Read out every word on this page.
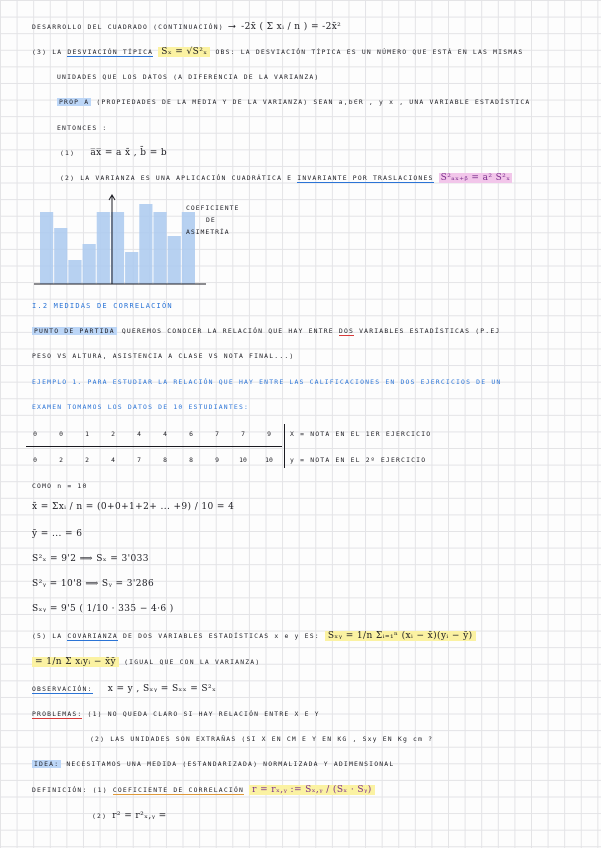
DESARROLLO DEL CUADRADO (CONTINUACIÓN) ⟶ -2x̄ ( Σ xᵢ / n ) = -2x̄²
(3) LA DESVIACIÓN TÍPICA Sₓ = √S²ₓ OBS: LA DESVIACIÓN TÍPICA ES UN NÚMERO QUE ESTÁ EN LAS MISMAS
UNIDADES QUE LOS DATOS (A DIFERENCIA DE LA VARIANZA)
PROP A (PROPIEDADES DE LA MEDIA Y DE LA VARIANZA) SEAN a,b∈R , y x , UNA VARIABLE ESTADÍSTICA
ENTONCES :
(1) a̅x̅ = a x̄ , b̄ = b
(2) LA VARIANZA ES UNA APLICACIÓN CUADRÁTICA E INVARIANTE POR TRASLACIONES S²ₐₓ₊ᵦ = a² S²ₓ
COEFICIENTE
DE
ASIMETRÍA
I.2 MEDIDAS DE CORRELACIÓN
PUNTO DE PARTIDA QUEREMOS CONOCER LA RELACIÓN QUE HAY ENTRE DOS VARIABLES ESTADÍSTICAS (P.EJ
PESO VS ALTURA, ASISTENCIA A CLASE VS NOTA FINAL...)
EJEMPLO 1. PARA ESTUDIAR LA RELACIÓN QUE HAY ENTRE LAS CALIFICACIONES EN DOS EJERCICIOS DE UN
EXAMEN TOMAMOS LOS DATOS DE 10 ESTUDIANTES:
0	0	1	2	4	4	6	7	7	9
0	2	2	4	7	8	8	9	10	10
X = NOTA EN EL 1ER EJERCICIO
y = NOTA EN EL 2º EJERCICIO
COMO n = 10
x̄ = Σxᵢ / n = (0+0+1+2+ ... +9) / 10 = 4
ȳ = ... = 6
S²ₓ = 9'2 ⟹ Sₓ = 3'033
S²ᵧ = 10'8 ⟹ Sᵧ = 3'286
Sₓᵧ = 9'5 ( 1/10 · 335 − 4·6 )
(5) LA COVARIANZA DE DOS VARIABLES ESTADÍSTICAS x e y ES: Sₓᵧ = 1/n Σᵢ₌₁ⁿ (xᵢ − x̄)(yᵢ − ȳ)
= 1/n Σ xᵢyᵢ − x̄ȳ (IGUAL QUE CON LA VARIANZA)
OBSERVACIÓN: x = y , Sₓᵧ = Sₓₓ = S²ₓ
PROBLEMAS: (1) NO QUEDA CLARO SI HAY RELACIÓN ENTRE X E Y
(2) LAS UNIDADES SON EXTRAÑAS (SI X EN CM E Y EN KG , Sxy EN Kg cm ?
IDEA: NECESITAMOS UNA MEDIDA (ESTANDARIZADA) NORMALIZADA Y ADIMENSIONAL
DEFINICIÓN: (1) COEFICIENTE DE CORRELACIÓN r = rₓ,ᵧ := Sₓ,ᵧ / (Sₓ · Sᵧ)
(2) r² = r²ₓ,ᵧ =
